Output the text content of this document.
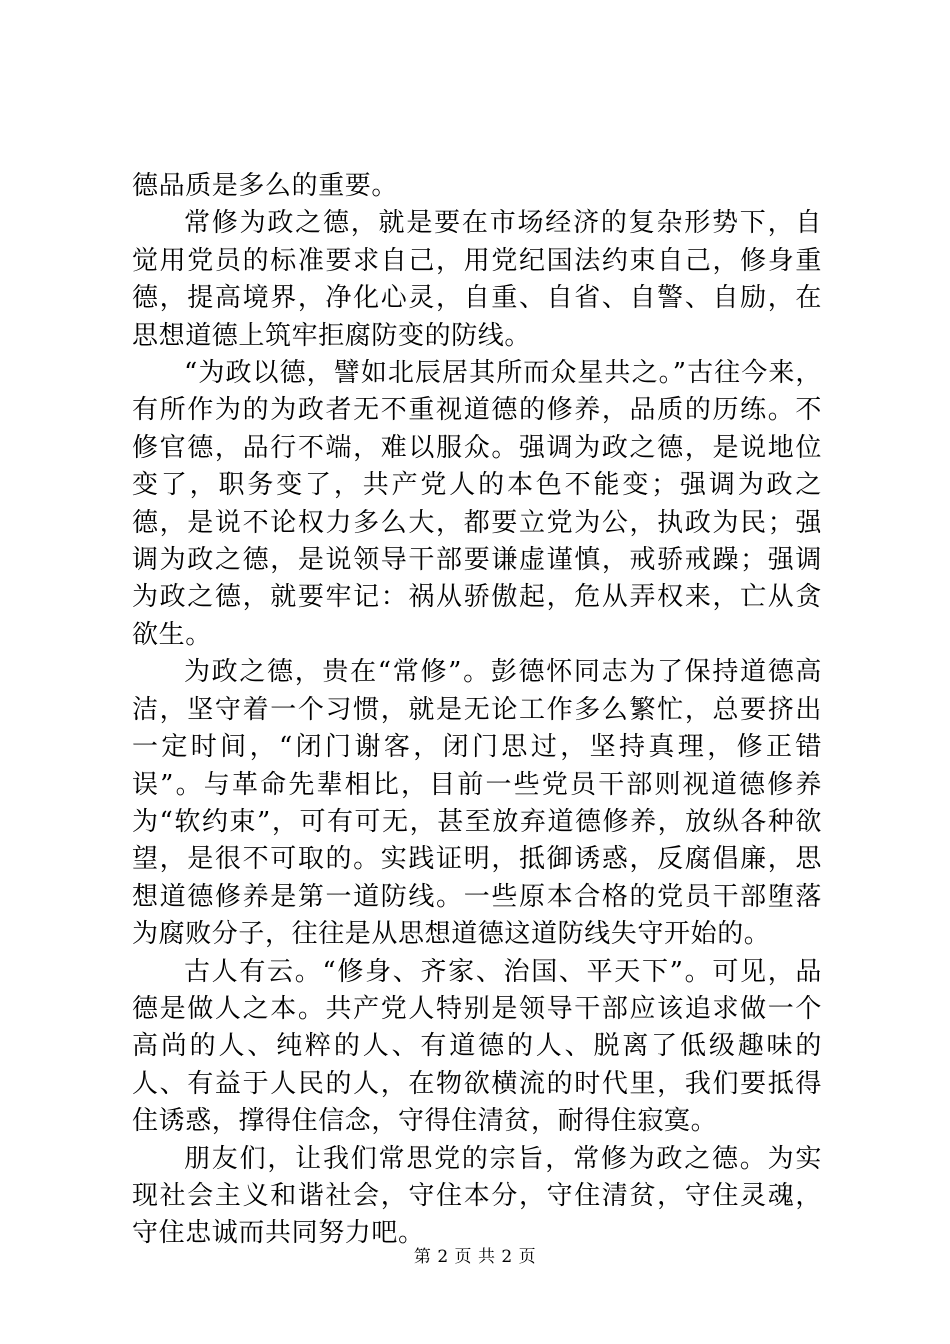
德品质是多么的重要。

常修为政之德，就是要在市场经济的复杂形势下，自觉用党员的标准要求自己，用党纪国法约束自己，修身重德，提高境界，净化心灵，自重、自省、自警、自励，在思想道德上筑牢拒腐防变的防线。

“为政以德，譬如北辰居其所而众星共之。”古往今来，有所作为的为政者无不重视道德的修养，品质的历练。不修官德，品行不端，难以服众。强调为政之德，是说地位变了，职务变了，共产党人的本色不能变；强调为政之德，是说不论权力多么大，都要立党为公，执政为民；强调为政之德，是说领导干部要谦虚谨慎，戒骄戒躁；强调为政之德，就要牢记：祸从骄傲起，危从弄权来，亡从贪欲生。

为政之德，贵在“常修”。彭德怀同志为了保持道德高洁，坚守着一个习惯，就是无论工作多么繁忙，总要挤出一定时间，“闭门谢客，闭门思过，坚持真理，修正错误”。与革命先辈相比，目前一些党员干部则视道德修养为“软约束”，可有可无，甚至放弃道德修养，放纵各种欲望，是很不可取的。实践证明，抵御诱惑，反腐倡廉，思想道德修养是第一道防线。一些原本合格的党员干部堕落为腐败分子，往往是从思想道德这道防线失守开始的。

古人有云。“修身、齐家、治国、平天下”。可见，品德是做人之本。共产党人特别是领导干部应该追求做一个高尚的人、纯粹的人、有道德的人、脱离了低级趣味的人、有益于人民的人，在物欲横流的时代里，我们要抵得住诱惑，撑得住信念，守得住清贫，耐得住寂寞。

朋友们，让我们常思党的宗旨，常修为政之德。为实现社会主义和谐社会，守住本分，守住清贫，守住灵魂，守住忠诚而共同努力吧。

第 2 页 共 2 页
